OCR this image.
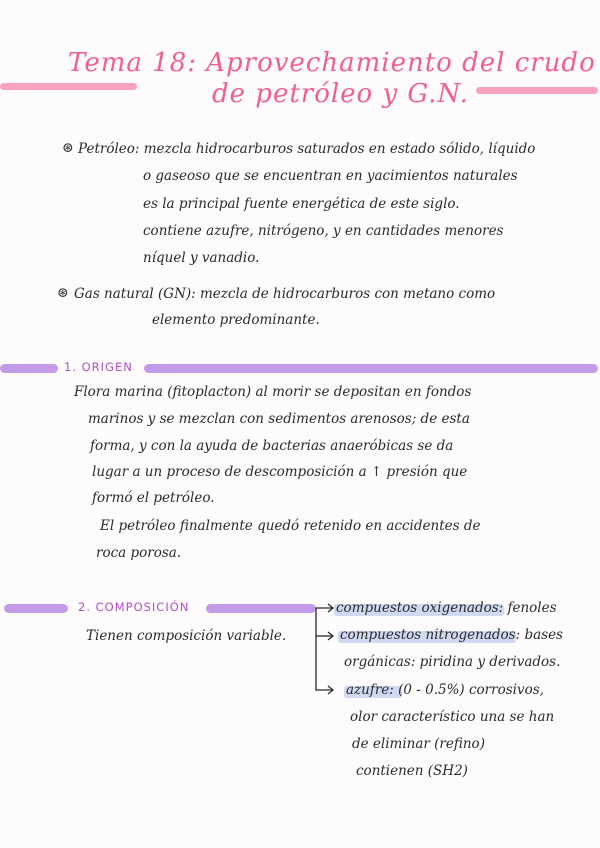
Tema 18: Aprovechamiento del crudo
de petróleo y G.N.
⊛ Petróleo: mezcla hidrocarburos saturados en estado sólido, líquido
o gaseoso que se encuentran en yacimientos naturales
es la principal fuente energética de este siglo.
contiene azufre, nitrógeno, y en cantidades menores
níquel y vanadio.
⊛ Gas natural (GN): mezcla de hidrocarburos con metano como
elemento predominante.
1. ORIGEN
Flora marina (fitoplacton) al morir se depositan en fondos
marinos y se mezclan con sedimentos arenosos; de esta
forma, y con la ayuda de bacterias anaeróbicas se da
lugar a un proceso de descomposición a ↑ presión que
formó el petróleo.
El petróleo finalmente quedó retenido en accidentes de
roca porosa.
2. COMPOSICIÓN
Tienen composición variable.
compuestos oxigenados: fenoles
compuestos nitrogenados: bases
orgánicas: piridina y derivados.
azufre: (0 - 0.5%) corrosivos,
olor característico una se han
de eliminar (refino)
contienen (SH2)
